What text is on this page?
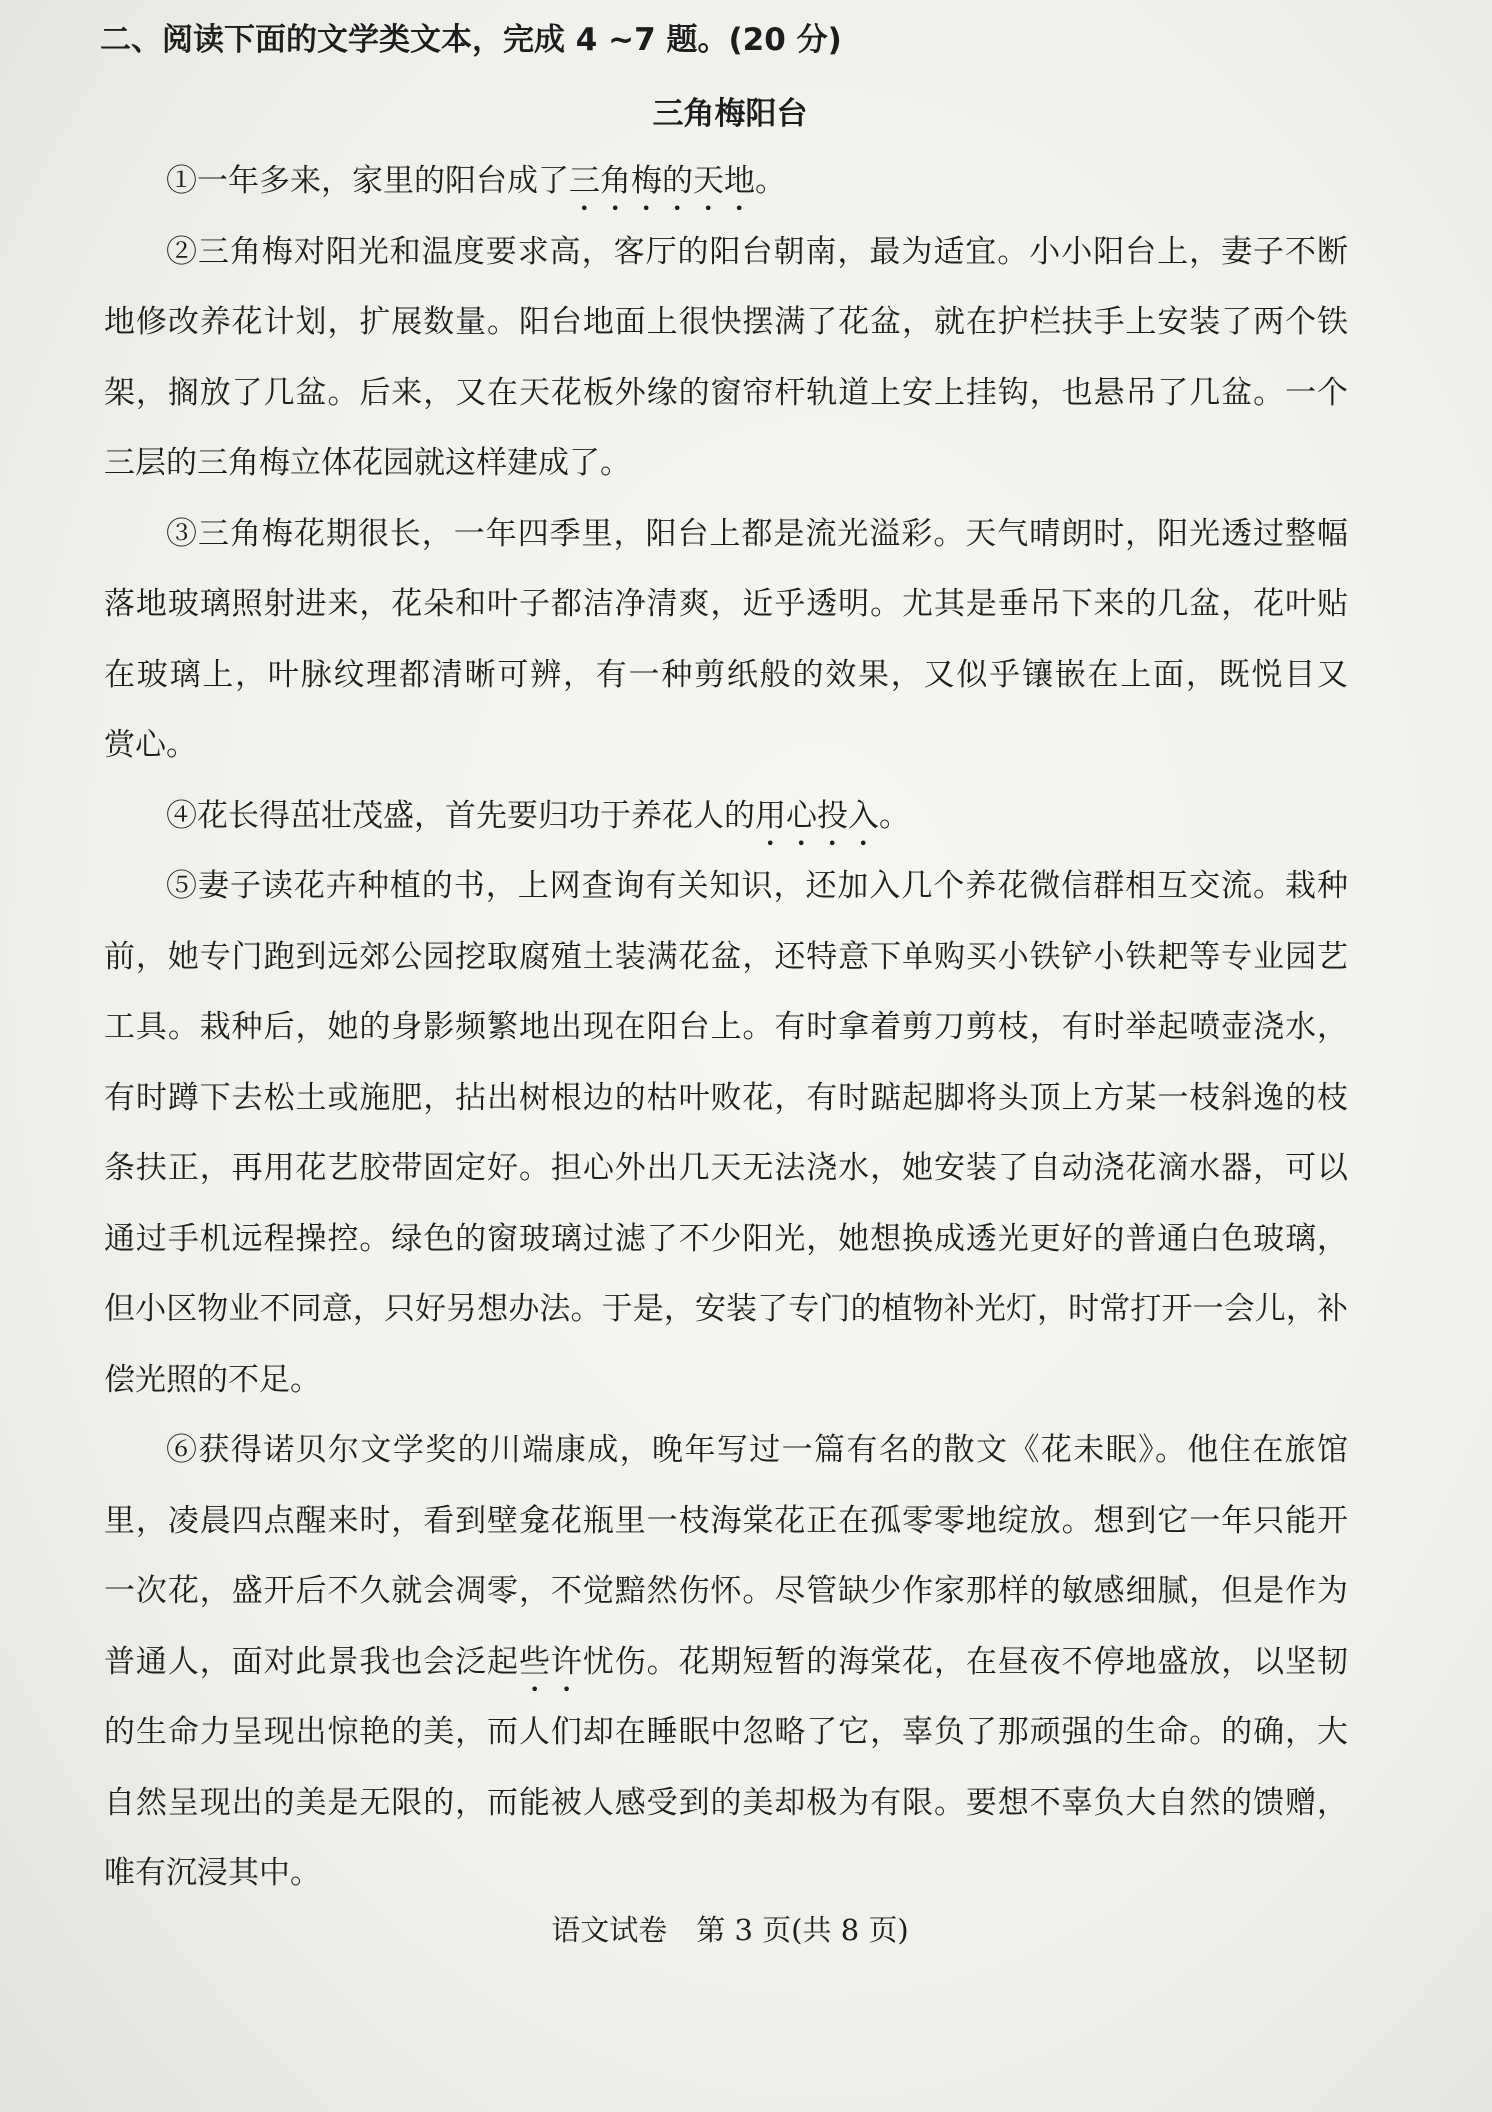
二、阅读下面的文学类文本，完成 4 ~7 题。(20 分)
三角梅阳台
①一年多来，家里的阳台成了三角梅的天地。
②三角梅对阳光和温度要求高，客厅的阳台朝南，最为适宜。小小阳台上，妻子不断
地修改养花计划，扩展数量。阳台地面上很快摆满了花盆，就在护栏扶手上安装了两个铁
架，搁放了几盆。后来，又在天花板外缘的窗帘杆轨道上安上挂钩，也悬吊了几盆。一个
三层的三角梅立体花园就这样建成了。
③三角梅花期很长，一年四季里，阳台上都是流光溢彩。天气晴朗时，阳光透过整幅
落地玻璃照射进来，花朵和叶子都洁净清爽，近乎透明。尤其是垂吊下来的几盆，花叶贴
在玻璃上，叶脉纹理都清晰可辨，有一种剪纸般的效果，又似乎镶嵌在上面，既悦目又
赏心。
④花长得茁壮茂盛，首先要归功于养花人的用心投入。
⑤妻子读花卉种植的书，上网查询有关知识，还加入几个养花微信群相互交流。栽种
前，她专门跑到远郊公园挖取腐殖土装满花盆，还特意下单购买小铁铲小铁耙等专业园艺
工具。栽种后，她的身影频繁地出现在阳台上。有时拿着剪刀剪枝，有时举起喷壶浇水，
有时蹲下去松土或施肥，拈出树根边的枯叶败花，有时踮起脚将头顶上方某一枝斜逸的枝
条扶正，再用花艺胶带固定好。担心外出几天无法浇水，她安装了自动浇花滴水器，可以
通过手机远程操控。绿色的窗玻璃过滤了不少阳光，她想换成透光更好的普通白色玻璃，
但小区物业不同意，只好另想办法。于是，安装了专门的植物补光灯，时常打开一会儿，补
偿光照的不足。
⑥获得诺贝尔文学奖的川端康成，晚年写过一篇有名的散文《花未眠》。他住在旅馆
里，凌晨四点醒来时，看到壁龛花瓶里一枝海棠花正在孤零零地绽放。想到它一年只能开
一次花，盛开后不久就会凋零，不觉黯然伤怀。尽管缺少作家那样的敏感细腻，但是作为
普通人，面对此景我也会泛起些许忧伤。花期短暂的海棠花，在昼夜不停地盛放，以坚韧
的生命力呈现出惊艳的美，而人们却在睡眠中忽略了它，辜负了那顽强的生命。的确，大
自然呈现出的美是无限的，而能被人感受到的美却极为有限。要想不辜负大自然的馈赠，
唯有沉浸其中。
语文试卷　第 3 页(共 8 页)
